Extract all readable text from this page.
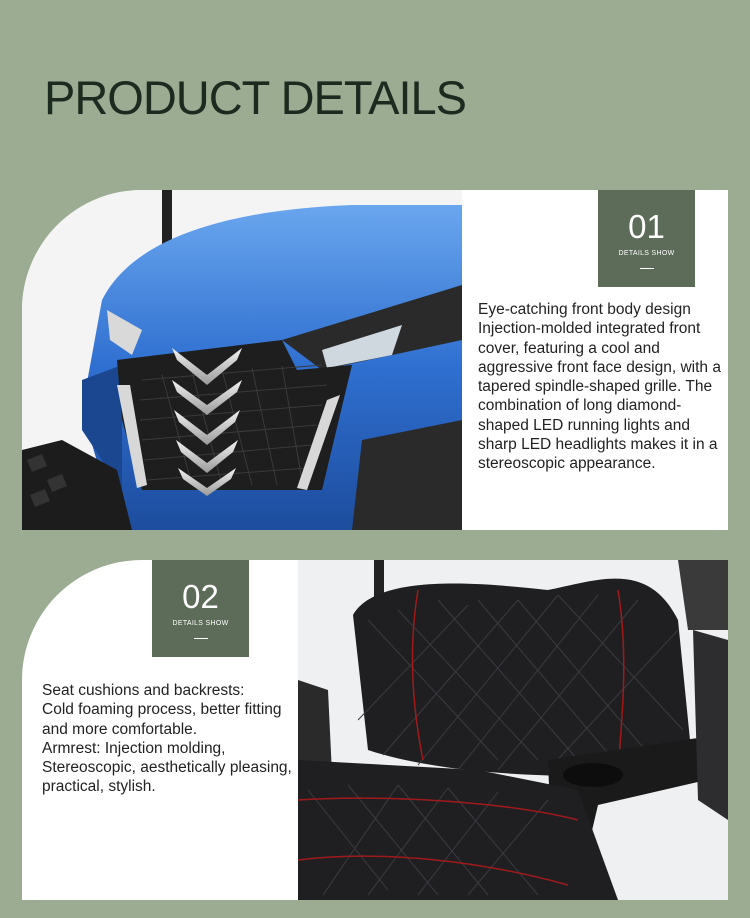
PRODUCT DETAILS
01
DETAILS SHOW

Eye-catching front body design
Injection-molded integrated front cover, featuring a cool and aggressive front face design, with a tapered spindle-shaped grille. The combination of long diamond-shaped LED running lights and sharp LED headlights makes it in a stereoscopic appearance.

02
DETAILS SHOW

Seat cushions and backrests:
Cold foaming process, better fitting and more comfortable.
Armrest: Injection molding, Stereoscopic, aesthetically pleasing, practical, stylish.
